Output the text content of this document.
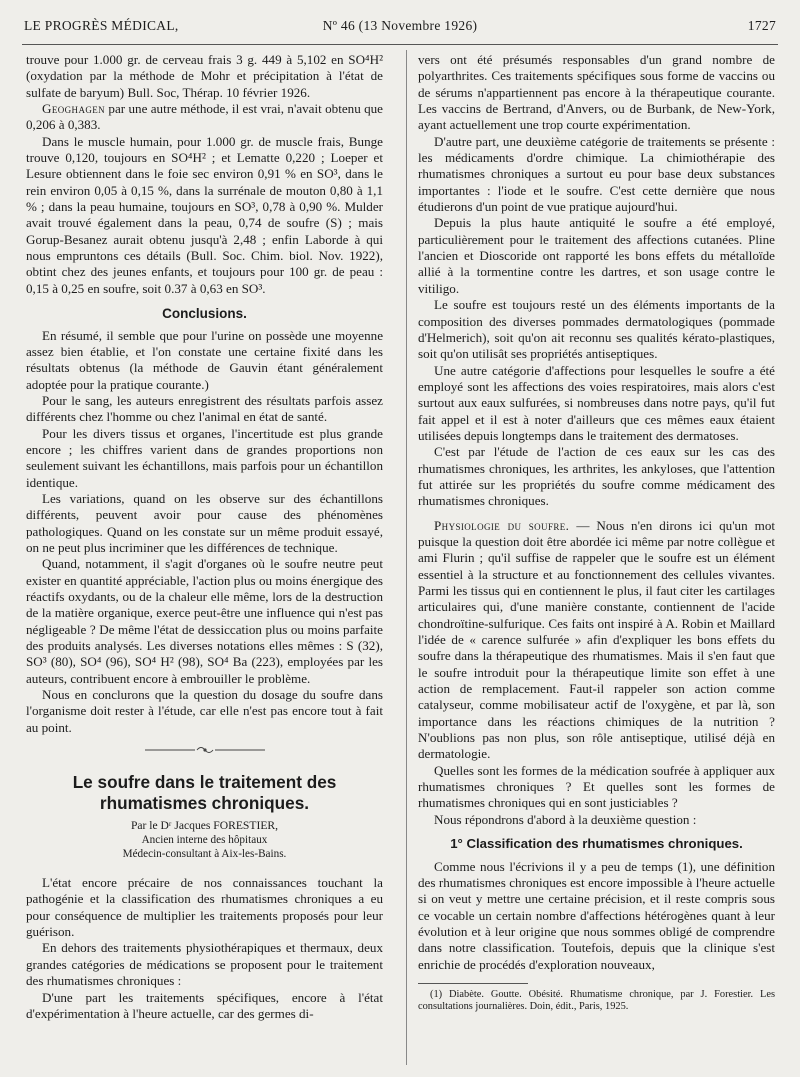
LE PROGRÈS MÉDICAL,	Nº 46 (13 Novembre 1926)	1727

trouve pour 1.000 gr. de cerveau frais 3 g. 449 à 5,102 en SO⁴H² (oxydation par la méthode de Mohr et précipitation à l'état de sulfate de baryum) Bull. Soc, Thérap. 10 février 1926.

Geoghagen par une autre méthode, il est vrai, n'avait obtenu que 0,206 à 0,383.

Dans le muscle humain, pour 1.000 gr. de muscle frais, Bunge trouve 0,120, toujours en SO⁴H² ; et Lematte 0,220 ; Loeper et Lesure obtiennent dans le foie sec environ 0,91 % en SO³, dans le rein environ 0,05 à 0,15 %, dans la surrénale de mouton 0,80 à 1,1 % ; dans la peau humaine, toujours en SO³, 0,78 à 0,90 %. Mulder avait trouvé également dans la peau, 0,74 de soufre (S) ; mais Gorup-Besanez aurait obtenu jusqu'à 2,48 ; enfin Laborde à qui nous empruntons ces détails (Bull. Soc. Chim. biol. Nov. 1922), obtint chez des jeunes enfants, et toujours pour 100 gr. de peau : 0,15 à 0,25 en soufre, soit 0.37 à 0,63 en SO³.

Conclusions.

En résumé, il semble que pour l'urine on possède une moyenne assez bien établie, et l'on constate une certaine fixité dans les résultats obtenus (la méthode de Gauvin étant généralement adoptée pour la pratique courante.)

Pour le sang, les auteurs enregistrent des résultats parfois assez différents chez l'homme ou chez l'animal en état de santé.

Pour les divers tissus et organes, l'incertitude est plus grande encore ; les chiffres varient dans de grandes proportions non seulement suivant les échantillons, mais parfois pour un échantillon identique.

Les variations, quand on les observe sur des échantillons différents, peuvent avoir pour cause des phénomènes pathologiques. Quand on les constate sur un même produit essayé, on ne peut plus incriminer que les différences de technique.

Quand, notamment, il s'agit d'organes où le soufre neutre peut exister en quantité appréciable, l'action plus ou moins énergique des réactifs oxydants, ou de la chaleur elle même, lors de la destruction de la matière organique, exerce peut-être une influence qui n'est pas négligeable ? De même l'état de dessiccation plus ou moins parfaite des produits analysés. Les diverses notations elles mêmes : S (32), SO³ (80), SO⁴ (96), SO⁴ H² (98), SO⁴ Ba (223), employées par les auteurs, contribuent encore à embrouiller le problème.

Nous en conclurons que la question du dosage du soufre dans l'organisme doit rester à l'étude, car elle n'est pas encore tout à fait au point.

Le soufre dans le traitement des rhumatismes chroniques.
Par le Dʳ Jacques FORESTIER,
Ancien interne des hôpitaux
Médecin-consultant à Aix-les-Bains.

L'état encore précaire de nos connaissances touchant la pathogénie et la classification des rhumatismes chroniques a eu pour conséquence de multiplier les traitements proposés pour leur guérison.

En dehors des traitements physiothérapiques et thermaux, deux grandes catégories de médications se proposent pour le traitement des rhumatismes chroniques :

D'une part les traitements spécifiques, encore à l'état d'expérimentation à l'heure actuelle, car des germes di-

vers ont été présumés responsables d'un grand nombre de polyarthrites. Ces traitements spécifiques sous forme de vaccins ou de sérums n'appartiennent pas encore à la thérapeutique courante. Les vaccins de Bertrand, d'Anvers, ou de Burbank, de New-York, ayant actuellement une trop courte expérimentation.

D'autre part, une deuxième catégorie de traitements se présente : les médicaments d'ordre chimique. La chimiothérapie des rhumatismes chroniques a surtout eu pour base deux substances importantes : l'iode et le soufre. C'est cette dernière que nous étudierons d'un point de vue pratique aujourd'hui.

Depuis la plus haute antiquité le soufre a été employé, particulièrement pour le traitement des affections cutanées. Pline l'ancien et Dioscoride ont rapporté les bons effets du métalloïde allié à la tormentine contre les dartres, et son usage contre le vitiligo.

Le soufre est toujours resté un des éléments importants de la composition des diverses pommades dermatologiques (pommade d'Helmerich), soit qu'on ait reconnu ses qualités kérato-plastiques, soit qu'on utilisât ses propriétés antiseptiques.

Une autre catégorie d'affections pour lesquelles le soufre a été employé sont les affections des voies respiratoires, mais alors c'est surtout aux eaux sulfurées, si nombreuses dans notre pays, qu'il fut fait appel et il est à noter d'ailleurs que ces mêmes eaux étaient utilisées depuis longtemps dans le traitement des dermatoses.

C'est par l'étude de l'action de ces eaux sur les cas des rhumatismes chroniques, les arthrites, les ankyloses, que l'attention fut attirée sur les propriétés du soufre comme médicament des rhumatismes chroniques.

Physiologie du soufre. — Nous n'en dirons ici qu'un mot puisque la question doit être abordée ici même par notre collègue et ami Flurin ; qu'il suffise de rappeler que le soufre est un élément essentiel à la structure et au fonctionnement des cellules vivantes. Parmi les tissus qui en contiennent le plus, il faut citer les cartilages articulaires qui, d'une manière constante, contiennent de l'acide chondroïtine-sulfurique. Ces faits ont inspiré à A. Robin et Maillard l'idée de « carence sulfurée » afin d'expliquer les bons effets du soufre dans la thérapeutique des rhumatismes. Mais il s'en faut que le soufre introduit pour la thérapeutique limite son effet à une action de remplacement. Faut-il rappeler son action comme catalyseur, comme mobilisateur actif de l'oxygène, et par là, son importance dans les réactions chimiques de la nutrition ? N'oublions pas non plus, son rôle antiseptique, utilisé déjà en dermatologie.

Quelles sont les formes de la médication soufrée à appliquer aux rhumatismes chroniques ? Et quelles sont les formes de rhumatismes chroniques qui en sont justiciables ?

Nous répondrons d'abord à la deuxième question :

1° Classification des rhumatismes chroniques.

Comme nous l'écrivions il y a peu de temps (1), une définition des rhumatismes chroniques est encore impossible à l'heure actuelle si on veut y mettre une certaine précision, et il reste compris sous ce vocable un certain nombre d'affections hétérogènes quant à leur évolution et à leur origine que nous sommes obligé de comprendre dans notre classification. Toutefois, depuis que la clinique s'est enrichie de procédés d'exploration nouveaux,

(1) Diabète. Goutte. Obésité. Rhumatisme chronique, par J. Forestier. Les consultations journalières. Doin, édit., Paris, 1925.
